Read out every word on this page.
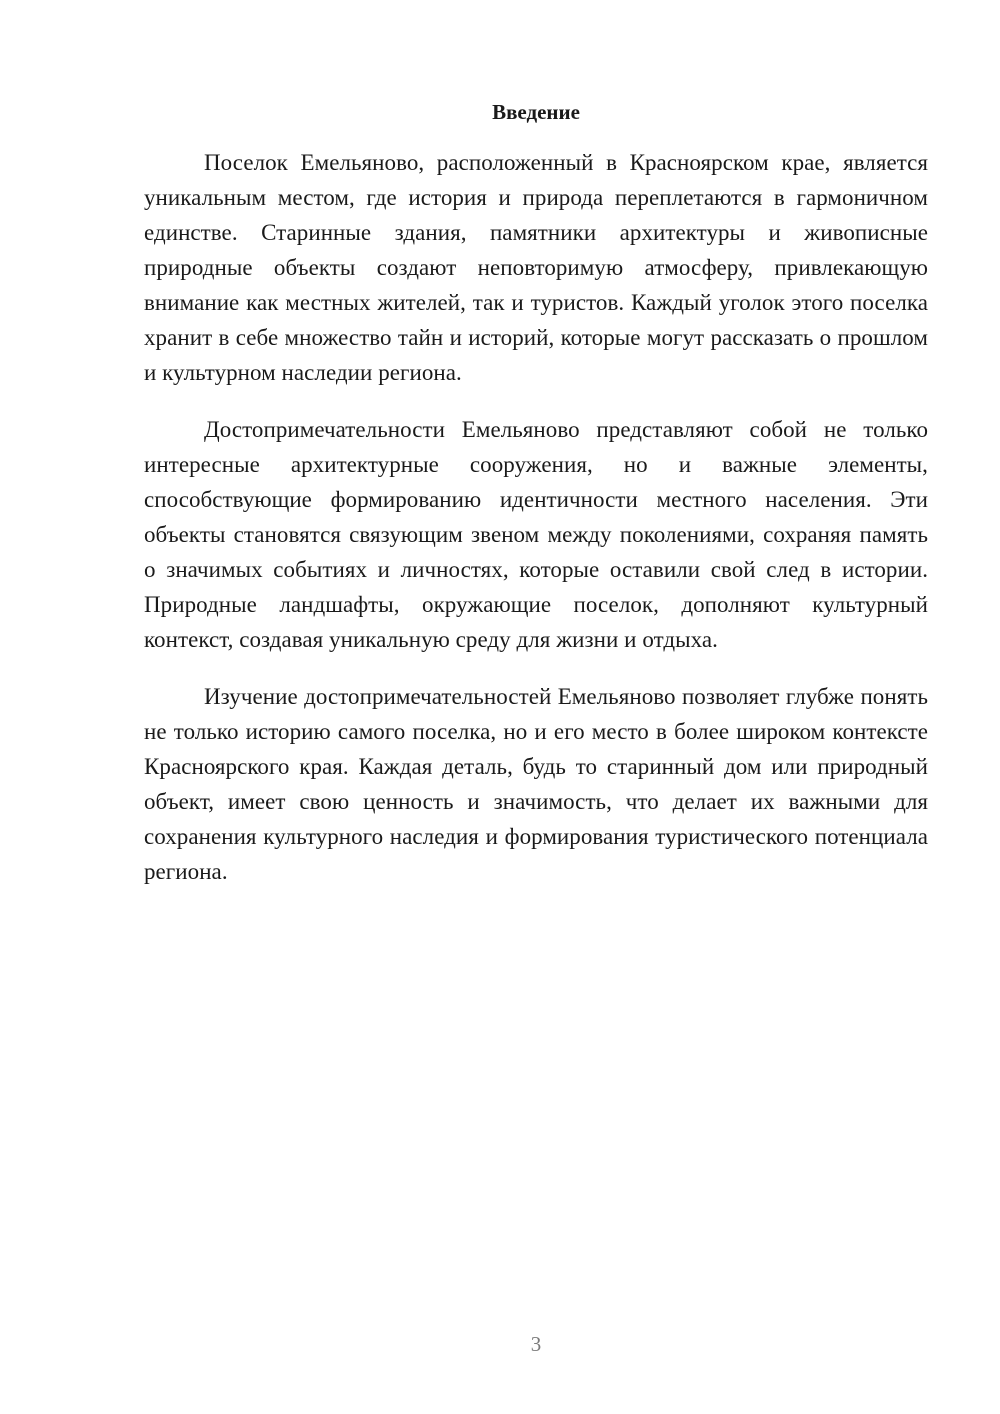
Введение

Поселок Емельяново, расположенный в Красноярском крае, является уникальным местом, где история и природа переплетаются в гармоничном единстве. Старинные здания, памятники архитектуры и живописные природные объекты создают неповторимую атмосферу, привлекающую внимание как местных жителей, так и туристов. Каждый уголок этого поселка хранит в себе множество тайн и историй, которые могут рассказать о прошлом и культурном наследии региона.

Достопримечательности Емельяново представляют собой не только интересные архитектурные сооружения, но и важные элементы, способствующие формированию идентичности местного населения. Эти объекты становятся связующим звеном между поколениями, сохраняя память о значимых событиях и личностях, которые оставили свой след в истории. Природные ландшафты, окружающие поселок, дополняют культурный контекст, создавая уникальную среду для жизни и отдыха.

Изучение достопримечательностей Емельяново позволяет глубже понять не только историю самого поселка, но и его место в более широком контексте Красноярского края. Каждая деталь, будь то старинный дом или природный объект, имеет свою ценность и значимость, что делает их важными для сохранения культурного наследия и формирования туристического потенциала региона.

3
